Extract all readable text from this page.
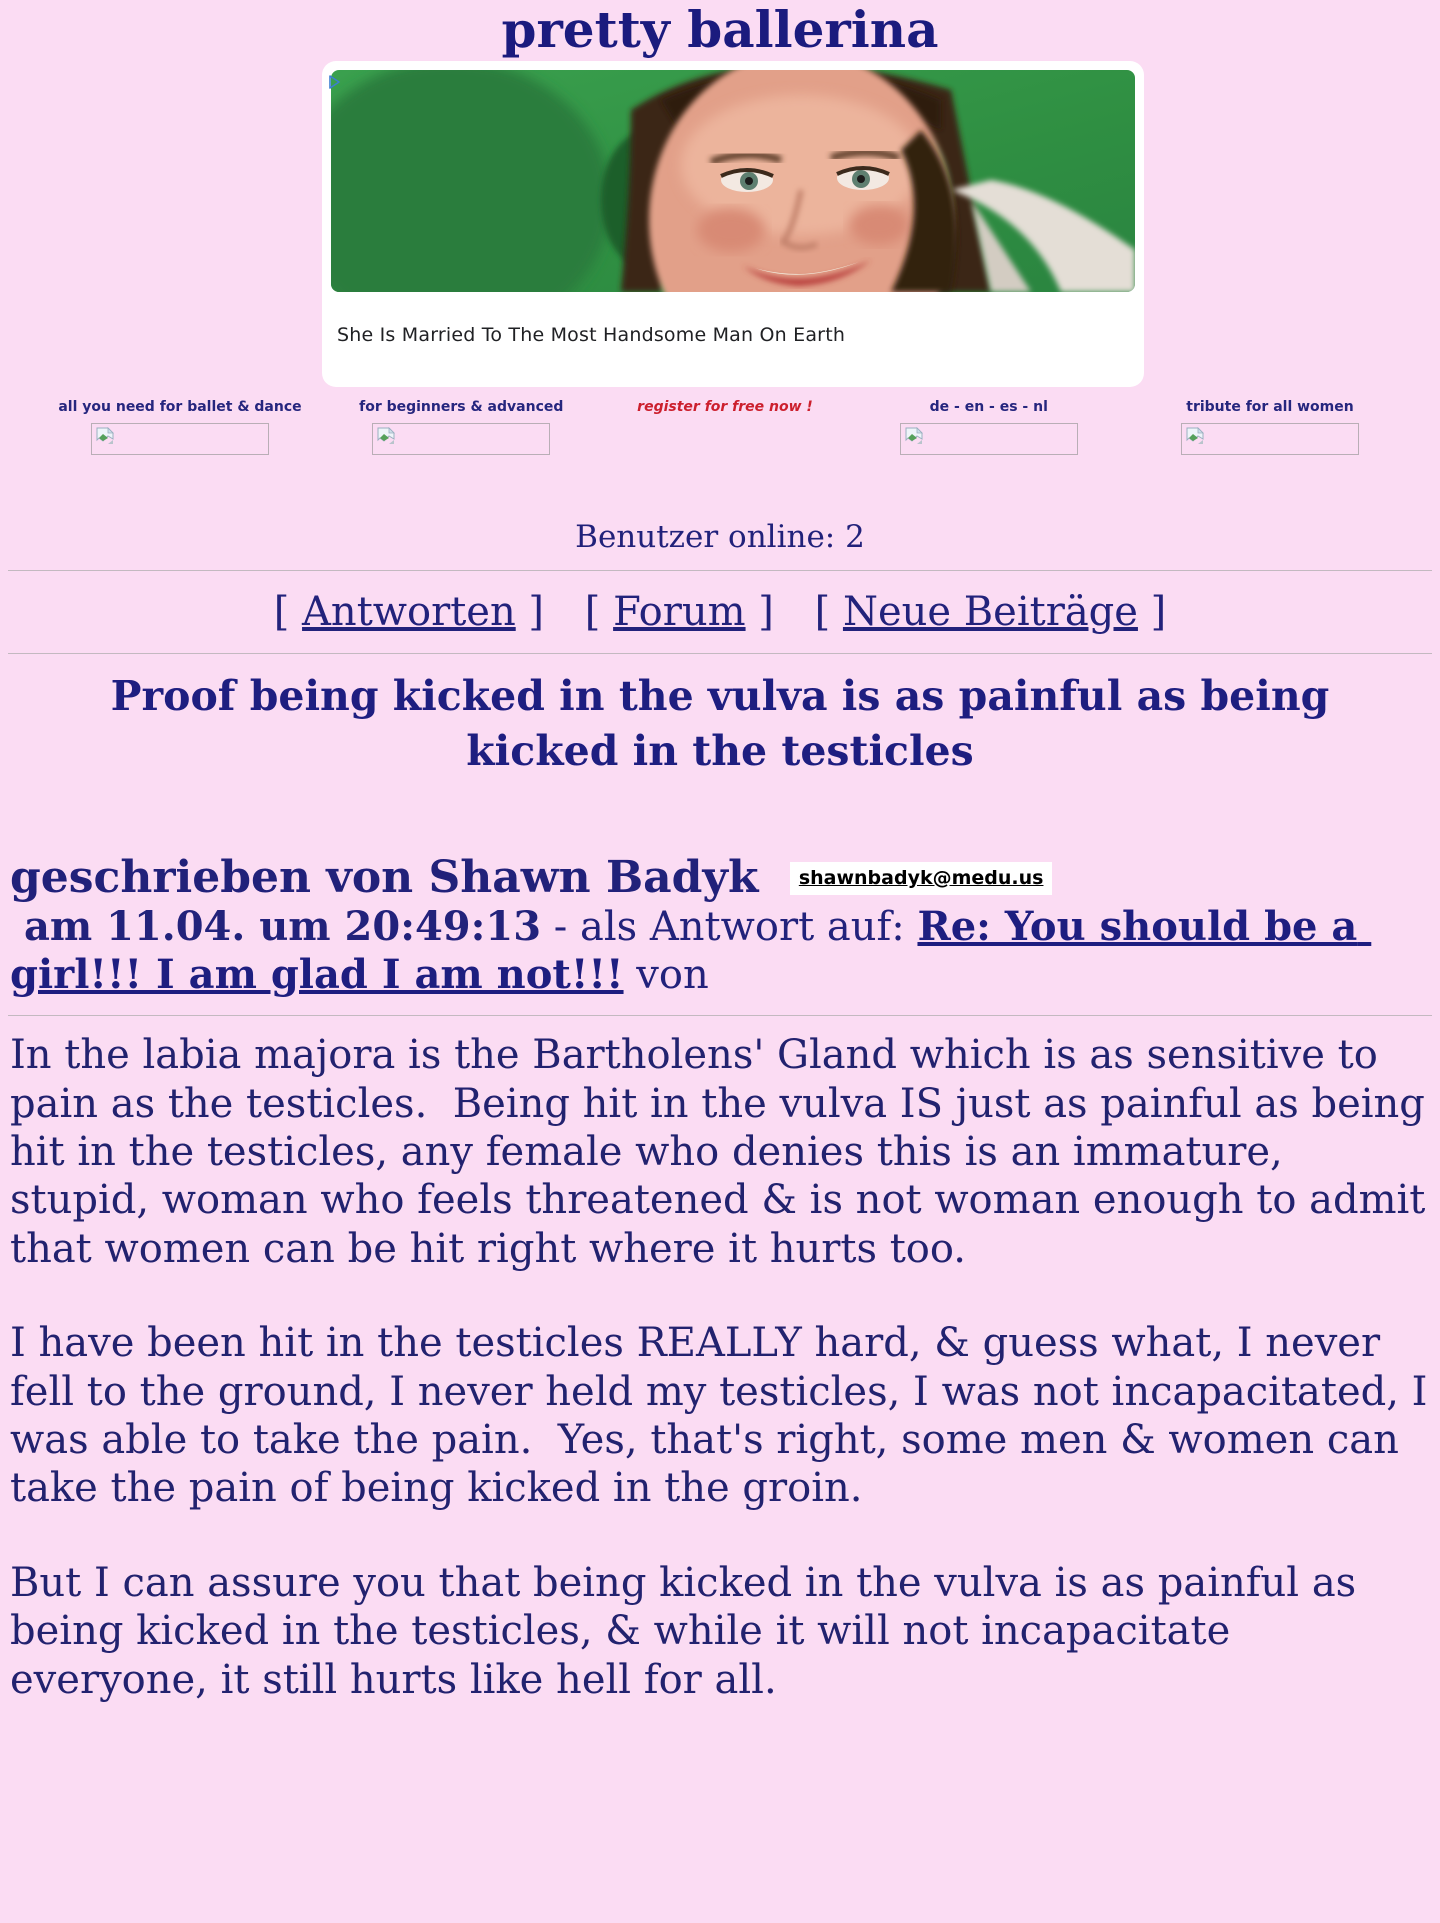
pretty ballerina
She Is Married To The Most Handsome Man On Earth
all you need for ballet & dance	for beginners & advanced	register for free now !	de - en - es - nl	tribute for all women
Benutzer online: 2
[ Antworten ] [ Forum ] [ Neue Beiträge ]
Proof being kicked in the vulva is as painful as being kicked in the testicles
geschrieben von Shawn Badyk shawnbadyk@medu.us
am 11.04. um 20:49:13 - als Antwort auf: Re: You should be a girl!!! I am glad I am not!!! von

In the labia majora is the Bartholens' Gland which is as sensitive to pain as the testicles.  Being hit in the vulva IS just as painful as being hit in the testicles, any female who denies this is an immature, stupid, woman who feels threatened & is not woman enough to admit that women can be hit right where it hurts too.

I have been hit in the testicles REALLY hard, & guess what, I never fell to the ground, I never held my testicles, I was not incapacitated, I was able to take the pain.  Yes, that's right, some men & women can take the pain of being kicked in the groin.

But I can assure you that being kicked in the vulva is as painful as being kicked in the testicles, & while it will not incapacitate everyone, it still hurts like hell for all.
